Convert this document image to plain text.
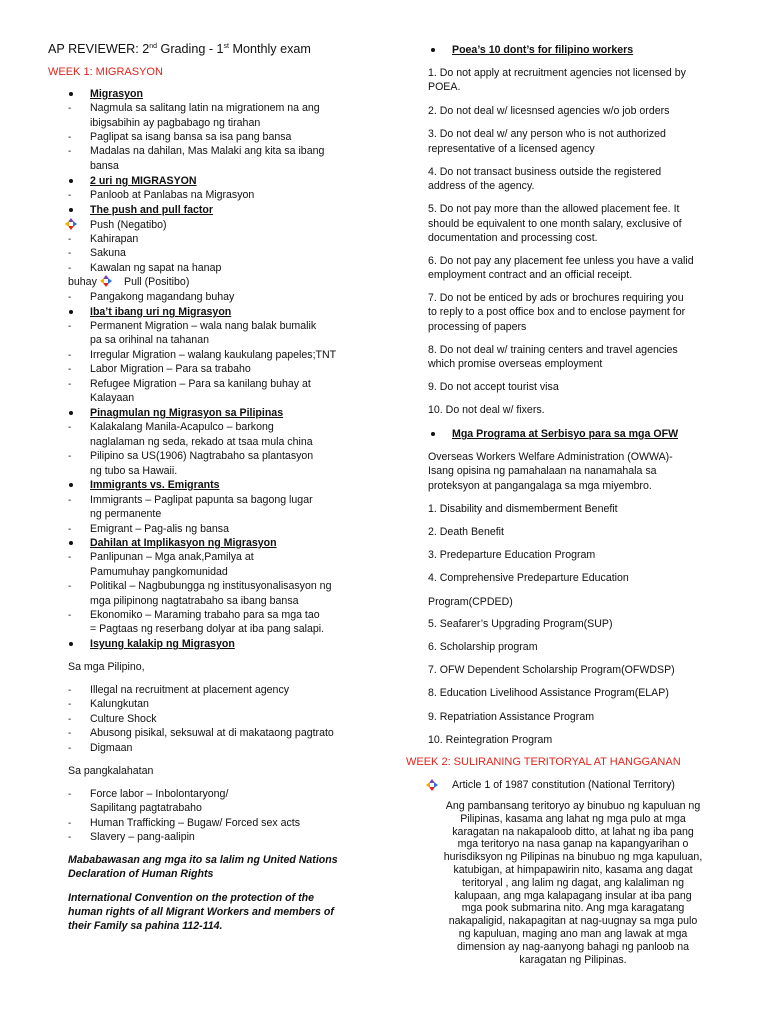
AP REVIEWER: 2nd Grading - 1st Monthly exam
WEEK 1: MIGRASYON
Migrasyon
- Nagmula sa salitang latin na migrationem na ang
ibigsabihin ay pagbabago ng tirahan
- Paglipat sa isang bansa sa isa pang bansa
- Madalas na dahilan, Mas Malaki ang kita sa ibang
bansa
2 uri ng MIGRASYON
- Panloob at Panlabas na Migrasyon
The push and pull factor
Push (Negatibo)
- Kahirapan
- Sakuna
- Kawalan ng sapat na hanap
buhay	Pull (Positibo)
- Pangakong magandang buhay
Iba’t ibang uri ng Migrasyon
- Permanent Migration – wala nang balak bumalik
pa sa orihinal na tahanan
- Irregular Migration – walang kaukulang papeles;TNT
- Labor Migration – Para sa trabaho
- Refugee Migration – Para sa kanilang buhay at
Kalayaan
Pinagmulan ng Migrasyon sa Pilipinas
- Kalakalang Manila-Acapulco – barkong
naglalaman ng seda, rekado at tsaa mula china
- Pilipino sa US(1906) Nagtrabaho sa plantasyon
ng tubo sa Hawaii.
Immigrants vs. Emigrants
- Immigrants – Paglipat papunta sa bagong lugar
ng permanente
- Emigrant – Pag-alis ng bansa
Dahilan at Implikasyon ng Migrasyon
- Panlipunan – Mga anak,Pamilya at
Pamumuhay pangkomunidad
- Politikal – Nagbubungga ng institusyonalisasyon ng
mga pilipinong nagtatrabaho sa ibang bansa
- Ekonomiko – Maraming trabaho para sa mga tao
= Pagtaas ng reserbang dolyar at iba pang salapi.
Isyung kalakip ng Migrasyon
Sa mga Pilipino,
- Illegal na recruitment at placement agency
- Kalungkutan
- Culture Shock
- Abusong pisikal, seksuwal at di makataong pagtrato
- Digmaan
Sa pangkalahatan
- Force labor – Inbolontaryong/
Sapilitang pagtatrabaho
- Human Trafficking – Bugaw/ Forced sex acts
- Slavery – pang-aalipin
Mababawasan ang mga ito sa lalim ng United Nations
Declaration of Human Rights
International Convention on the protection of the
human rights of all Migrant Workers and members of
their Family sa pahina 112-114.
Poea’s 10 dont’s for filipino workers
1. Do not apply at recruitment agencies not licensed by
POEA.
2. Do not deal w/ licesnsed agencies w/o job orders
3. Do not deal w/ any person who is not authorized
representative of a licensed agency
4. Do not transact business outside the registered
address of the agency.
5. Do not pay more than the allowed placement fee. It
should be equivalent to one month salary, exclusive of
documentation and processing cost.
6. Do not pay any placement fee unless you have a valid
employment contract and an official receipt.
7. Do not be enticed by ads or brochures requiring you
to reply to a post office box and to enclose payment for
processing of papers
8. Do not deal w/ training centers and travel agencies
which promise overseas employment
9. Do not accept tourist visa
10. Do not deal w/ fixers.
Mga Programa at Serbisyo para sa mga OFW
Overseas Workers Welfare Administration (OWWA)-
Isang opisina ng pamahalaan na nanamahala sa
proteksyon at pangangalaga sa mga miyembro.
1. Disability and dismemberment Benefit
2. Death Benefit
3. Predeparture Education Program
4. Comprehensive Predeparture Education
Program(CPDED)
5. Seafarer’s Upgrading Program(SUP)
6. Scholarship program
7. OFW Dependent Scholarship Program(OFWDSP)
8. Education Livelihood Assistance Program(ELAP)
9. Repatriation Assistance Program
10. Reintegration Program
WEEK 2: SULIRANING TERITORYAL AT HANGGANAN
Article 1 of 1987 constitution (National Territory)
Ang pambansang teritoryo ay binubuo ng kapuluan ng
Pilipinas, kasama ang lahat ng mga pulo at mga
karagatan na nakapaloob ditto, at lahat ng iba pang
mga teritoryo na nasa ganap na kapangyarihan o
hurisdiksyon ng Pilipinas na binubuo ng mga kapuluan,
katubigan, at himpapawirin nito, kasama ang dagat
teritoryal , ang lalim ng dagat, ang kalaliman ng
kalupaan, ang mga kalapagang insular at iba pang
mga pook submarina nito. Ang mga karagatang
nakapaligid, nakapagitan at nag-uugnay sa mga pulo
ng kapuluan, maging ano man ang lawak at mga
dimension ay nag-aanyong bahagi ng panloob na
karagatan ng Pilipinas.
